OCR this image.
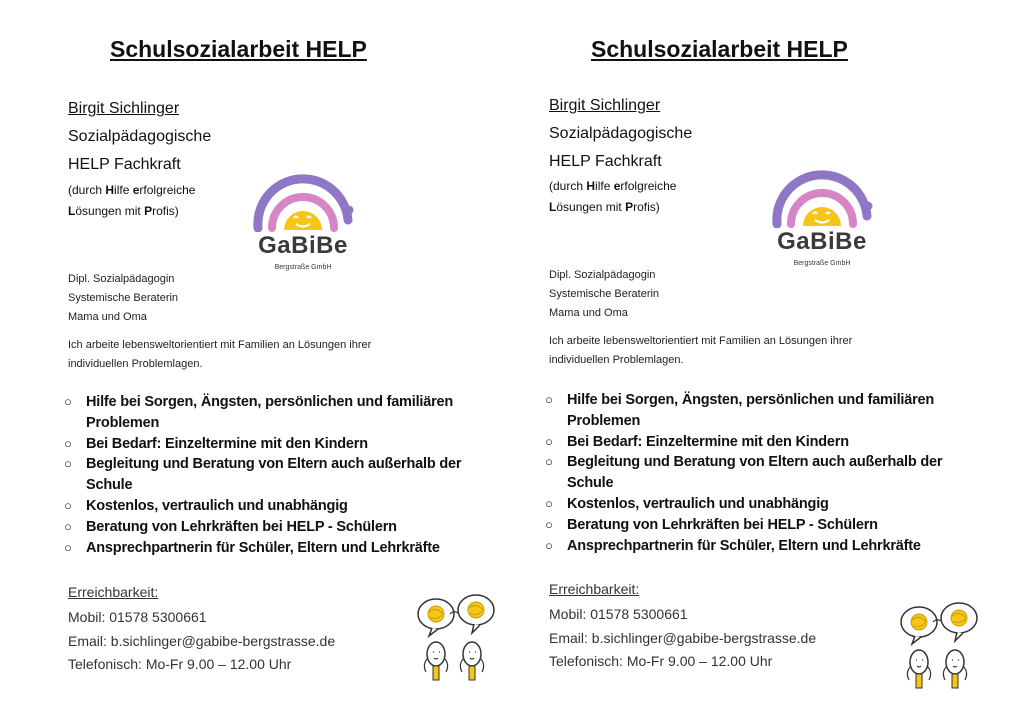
Schulsozialarbeit HELP
Birgit Sichlinger
Sozialpädagogische
HELP Fachkraft
(durch Hilfe erfolgreiche
Lösungen mit Profis)
GaBiBe
Bergstraße GmbH
Dipl. Sozialpädagogin
Systemische Beraterin
Mama und Oma
Ich arbeite lebensweltorientiert mit Familien an Lösungen ihrer individuellen Problemlagen.
○ Hilfe bei Sorgen, Ängsten, persönlichen und familiären Problemen
○ Bei Bedarf: Einzeltermine mit den Kindern
○ Begleitung und Beratung von Eltern auch außerhalb der Schule
○ Kostenlos, vertraulich und unabhängig
○ Beratung von Lehrkräften bei HELP - Schülern
○ Ansprechpartnerin für Schüler, Eltern und Lehrkräfte
Erreichbarkeit:
Mobil: 01578 5300661
Email: b.sichlinger@gabibe-bergstrasse.de
Telefonisch: Mo-Fr 9.00 – 12.00 Uhr
Schulsozialarbeit HELP
Birgit Sichlinger
Sozialpädagogische
HELP Fachkraft
(durch Hilfe erfolgreiche
Lösungen mit Profis)
GaBiBe
Bergstraße GmbH
Dipl. Sozialpädagogin
Systemische Beraterin
Mama und Oma
Ich arbeite lebensweltorientiert mit Familien an Lösungen ihrer individuellen Problemlagen.
○ Hilfe bei Sorgen, Ängsten, persönlichen und familiären Problemen
○ Bei Bedarf: Einzeltermine mit den Kindern
○ Begleitung und Beratung von Eltern auch außerhalb der Schule
○ Kostenlos, vertraulich und unabhängig
○ Beratung von Lehrkräften bei HELP - Schülern
○ Ansprechpartnerin für Schüler, Eltern und Lehrkräfte
Erreichbarkeit:
Mobil: 01578 5300661
Email: b.sichlinger@gabibe-bergstrasse.de
Telefonisch: Mo-Fr 9.00 – 12.00 Uhr
